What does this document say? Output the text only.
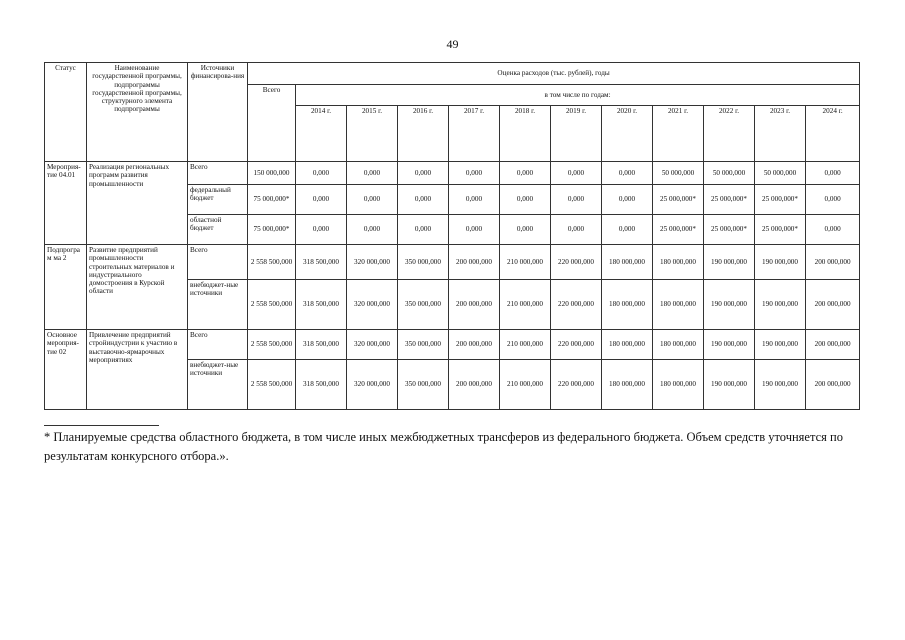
49
Статус	Наименование государственной программы, подпрограммы государственной программы, структурного элемента подпрограммы	Источники финансирова-ния	Оценка расходов (тыс. рублей), годы											
			Всего	в том числе по годам:										
				2014 г.	2015 г.	2016 г.	2017 г.	2018 г.	2019 г.	2020 г.	2021 г.	2022 г.	2023 г.	2024 г.
Мероприя-тие 04.01	Реализация региональных программ развития промышленности	Всего	150 000,000	0,000	0,000	0,000	0,000	0,000	0,000	0,000	50 000,000	50 000,000	50 000,000	0,000
		федеральный бюджет	75 000,000*	0,000	0,000	0,000	0,000	0,000	0,000	0,000	25 000,000*	25 000,000*	25 000,000*	0,000
		областной бюджет	75 000,000*	0,000	0,000	0,000	0,000	0,000	0,000	0,000	25 000,000*	25 000,000*	25 000,000*	0,000
Подпрограм ма 2	Развитие предприятий промышленности строительных материалов и индустриального домостроения в Курской области	Всего	2 558 500,000	318 500,000	320 000,000	350 000,000	200 000,000	210 000,000	220 000,000	180 000,000	180 000,000	190 000,000	190 000,000	200 000,000
		внебюджет-ные источники	2 558 500,000	318 500,000	320 000,000	350 000,000	200 000,000	210 000,000	220 000,000	180 000,000	180 000,000	190 000,000	190 000,000	200 000,000
Основное мероприя-тие 02	Привлечение предприятий стройиндустрии к участию в выставочно-ярмарочных мероприятиях	Всего	2 558 500,000	318 500,000	320 000,000	350 000,000	200 000,000	210 000,000	220 000,000	180 000,000	180 000,000	190 000,000	190 000,000	200 000,000
		внебюджет-ные источники	2 558 500,000	318 500,000	320 000,000	350 000,000	200 000,000	210 000,000	220 000,000	180 000,000	180 000,000	190 000,000	190 000,000	200 000,000
* Планируемые средства областного бюджета, в том числе иных межбюджетных трансферов из федерального бюджета. Объем средств уточняется по результатам конкурсного отбора.».
